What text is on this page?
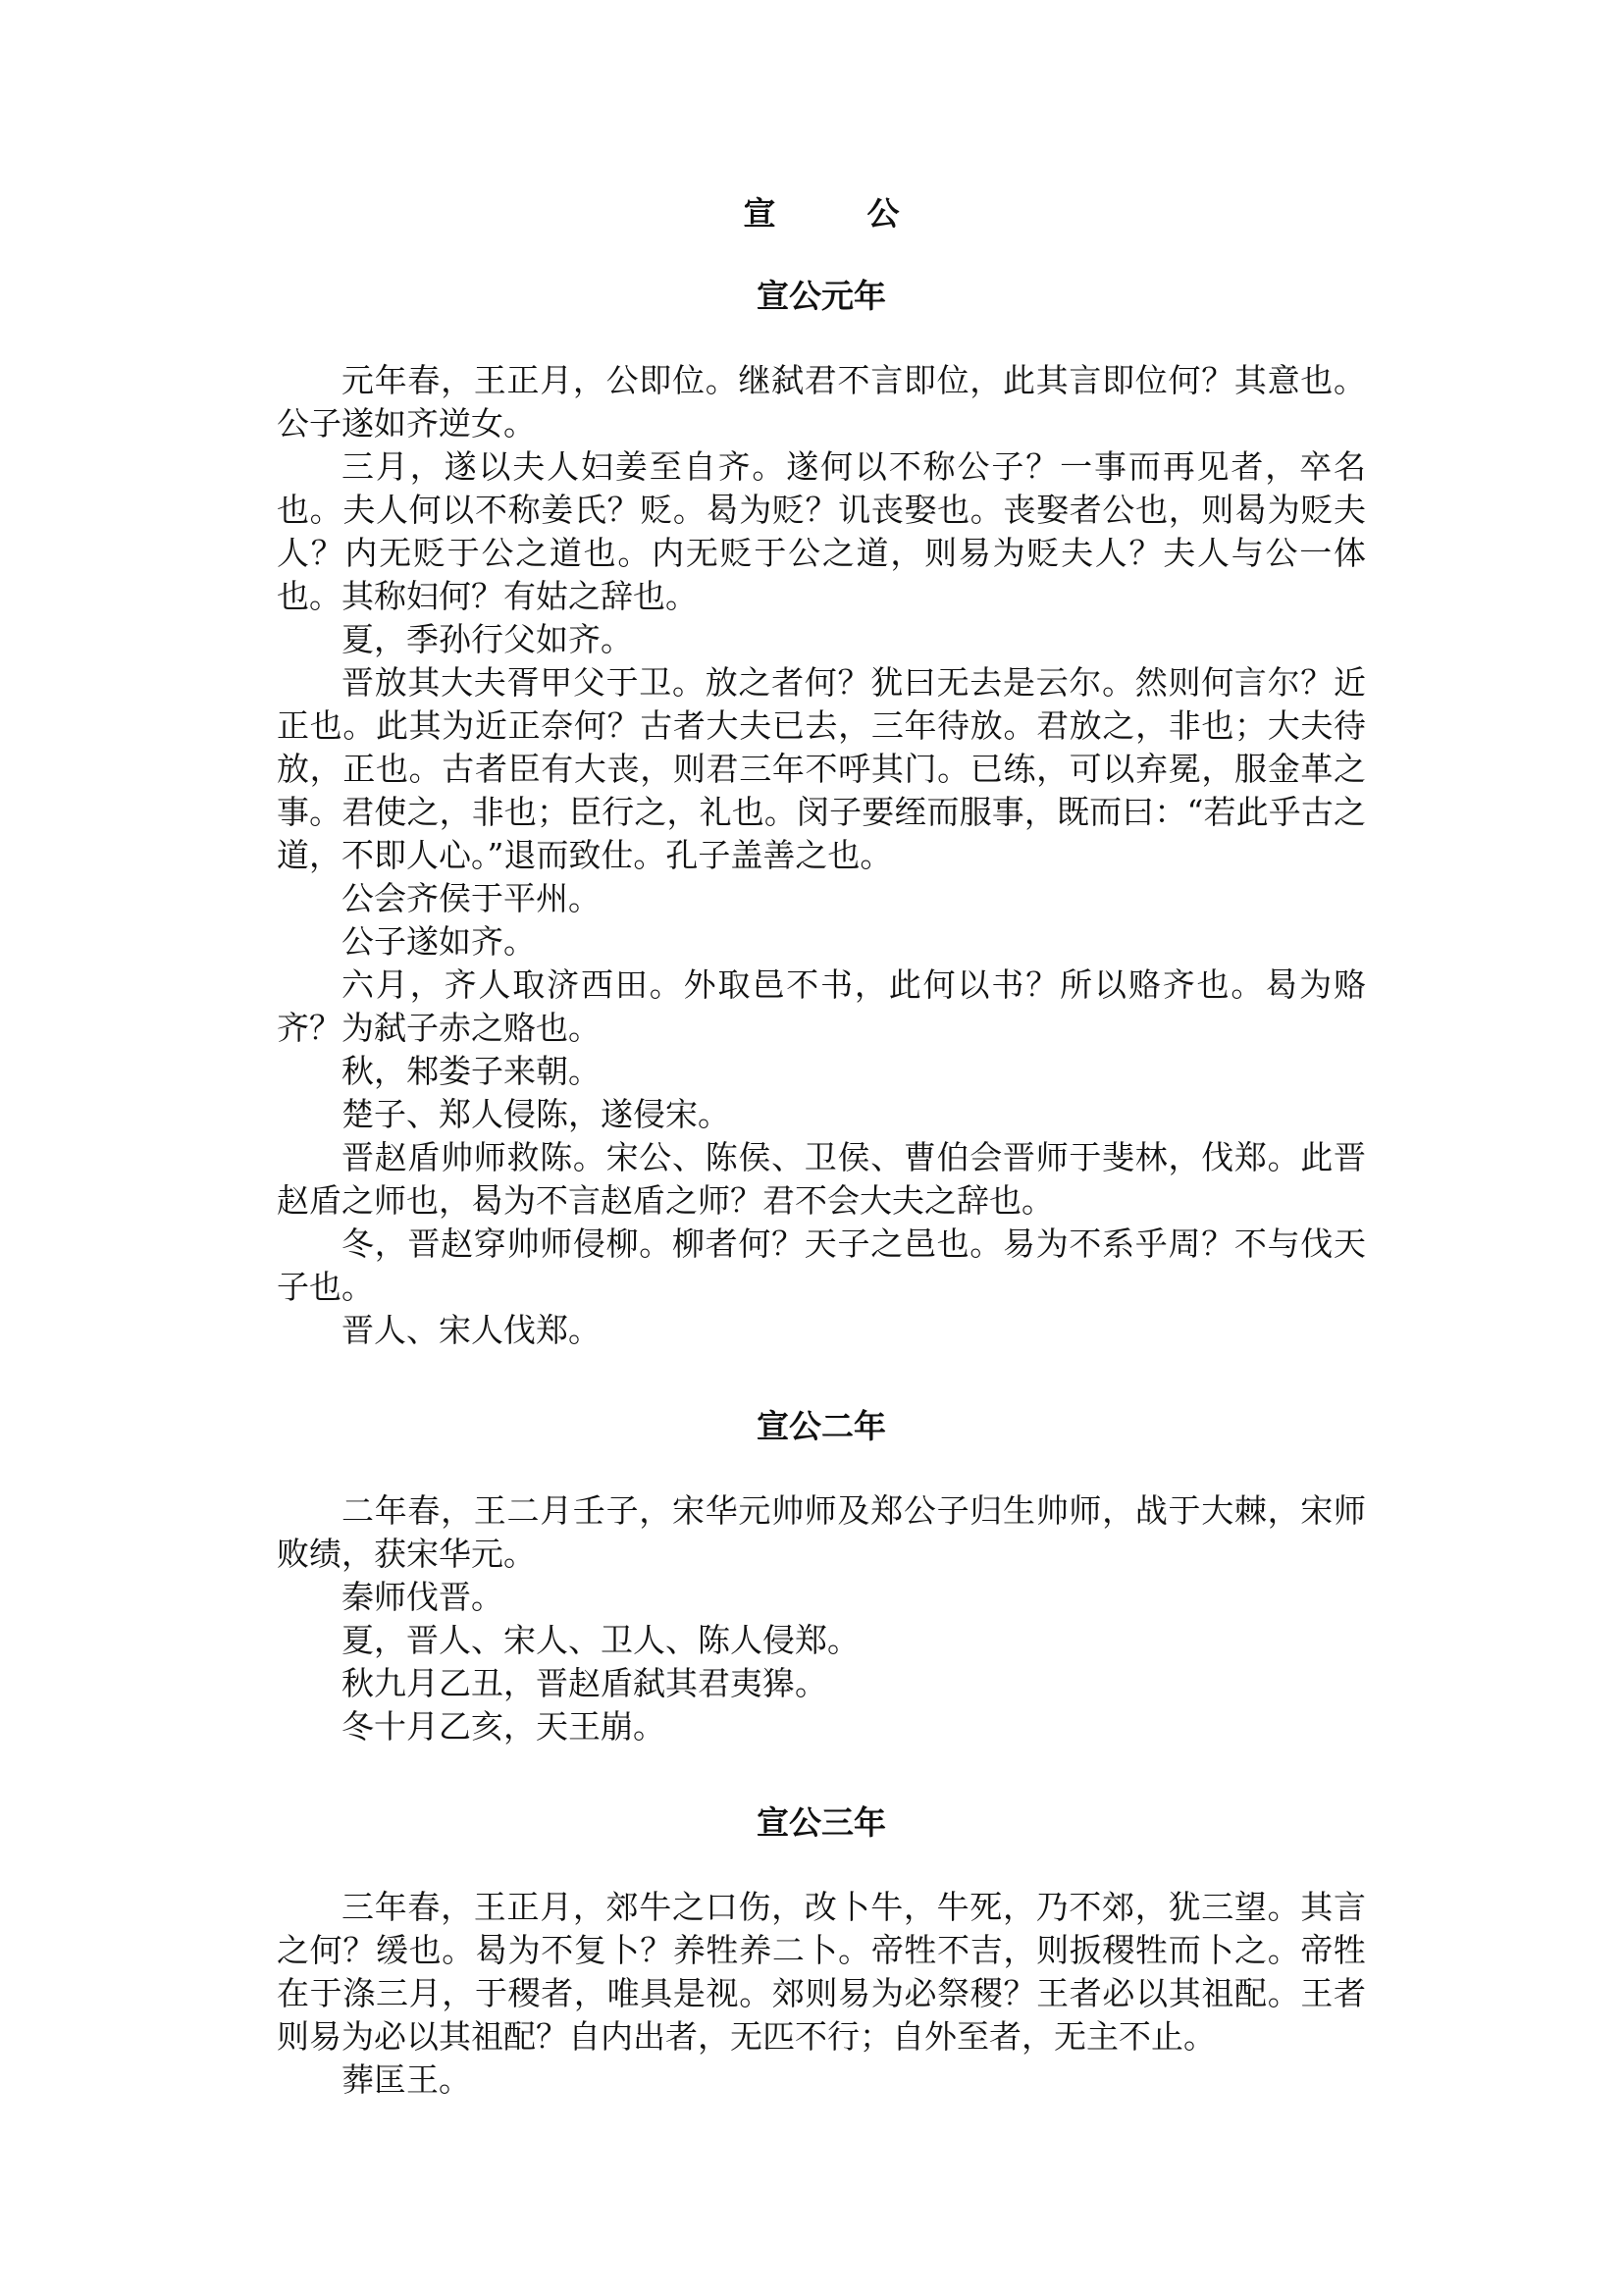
宣　公
宣公元年

元年春，王正月，公即位。继弑君不言即位，此其言即位何？其意也。公子遂如齐逆女。

三月，遂以夫人妇姜至自齐。遂何以不称公子？一事而再见者，卒名也。夫人何以不称姜氏？贬。曷为贬？讥丧娶也。丧娶者公也，则曷为贬夫人？内无贬于公之道也。内无贬于公之道，则易为贬夫人？夫人与公一体也。其称妇何？有姑之辞也。

夏，季孙行父如齐。

晋放其大夫胥甲父于卫。放之者何？犹曰无去是云尔。然则何言尔？近正也。此其为近正奈何？古者大夫已去，三年待放。君放之，非也；大夫待放，正也。古者臣有大丧，则君三年不呼其门。已练，可以弃冕，服金革之事。君使之，非也；臣行之，礼也。闵子要绖而服事，既而曰：“若此乎古之道，不即人心。”退而致仕。孔子盖善之也。

公会齐侯于平州。

公子遂如齐。

六月，齐人取济西田。外取邑不书，此何以书？所以赂齐也。曷为赂齐？为弑子赤之赂也。

秋，邾娄子来朝。

楚子、郑人侵陈，遂侵宋。

晋赵盾帅师救陈。宋公、陈侯、卫侯、曹伯会晋师于斐林，伐郑。此晋赵盾之师也，曷为不言赵盾之师？君不会大夫之辞也。

冬，晋赵穿帅师侵柳。柳者何？天子之邑也。易为不系乎周？不与伐天子也。

晋人、宋人伐郑。

宣公二年

二年春，王二月壬子，宋华元帅师及郑公子归生帅师，战于大棘，宋师败绩，获宋华元。

秦师伐晋。

夏，晋人、宋人、卫人、陈人侵郑。

秋九月乙丑，晋赵盾弑其君夷獆。

冬十月乙亥，天王崩。

宣公三年

三年春，王正月，郊牛之口伤，改卜牛，牛死，乃不郊，犹三望。其言之何？缓也。曷为不复卜？养牲养二卜。帝牲不吉，则扳稷牲而卜之。帝牲在于涤三月，于稷者，唯具是视。郊则易为必祭稷？王者必以其祖配。王者则易为必以其祖配？自内出者，无匹不行；自外至者，无主不止。

葬匡王。
